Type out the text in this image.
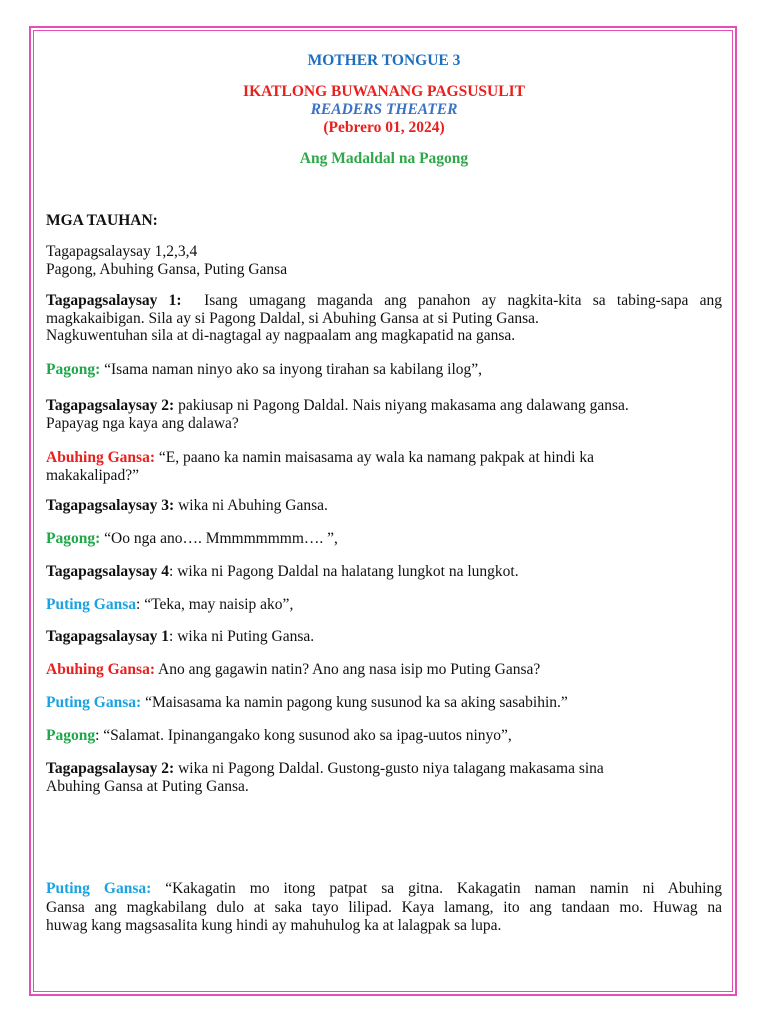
MOTHER TONGUE 3

IKATLONG BUWANANG PAGSUSULIT

READERS THEATER

(Pebrero 01, 2024)

Ang Madaldal na Pagong

MGA TAUHAN:

Tagapagsalaysay 1,2,3,4

Pagong, Abuhing Gansa, Puting Gansa

Tagapagsalaysay 1: Isang umagang maganda ang panahon ay nagkita-kita sa tabing-sapa ang

magkakaibigan. Sila ay si Pagong Daldal, si Abuhing Gansa at si Puting Gansa.

Nagkuwentuhan sila at di-nagtagal ay nagpaalam ang magkapatid na gansa.

Pagong: “Isama naman ninyo ako sa inyong tirahan sa kabilang ilog”,

Tagapagsalaysay 2: pakiusap ni Pagong Daldal. Nais niyang makasama ang dalawang gansa.

Papayag nga kaya ang dalawa?

Abuhing Gansa: “E, paano ka namin maisasama ay wala ka namang pakpak at hindi ka

makakalipad?”

Tagapagsalaysay 3: wika ni Abuhing Gansa.

Pagong: “Oo nga ano…. Mmmmmmmm…. ”,

Tagapagsalaysay 4: wika ni Pagong Daldal na halatang lungkot na lungkot.

Puting Gansa: “Teka, may naisip ako”,

Tagapagsalaysay 1: wika ni Puting Gansa.

Abuhing Gansa: Ano ang gagawin natin? Ano ang nasa isip mo Puting Gansa?

Puting Gansa: “Maisasama ka namin pagong kung susunod ka sa aking sasabihin.”

Pagong: “Salamat. Ipinangangako kong susunod ako sa ipag-uutos ninyo”,

Tagapagsalaysay 2: wika ni Pagong Daldal. Gustong-gusto niya talagang makasama sina

Abuhing Gansa at Puting Gansa.

Puting Gansa: “Kakagatin mo itong patpat sa gitna. Kakagatin naman namin ni Abuhing

Gansa ang magkabilang dulo at saka tayo lilipad. Kaya lamang, ito ang tandaan mo. Huwag na

huwag kang magsasalita kung hindi ay mahuhulog ka at lalagpak sa lupa.
